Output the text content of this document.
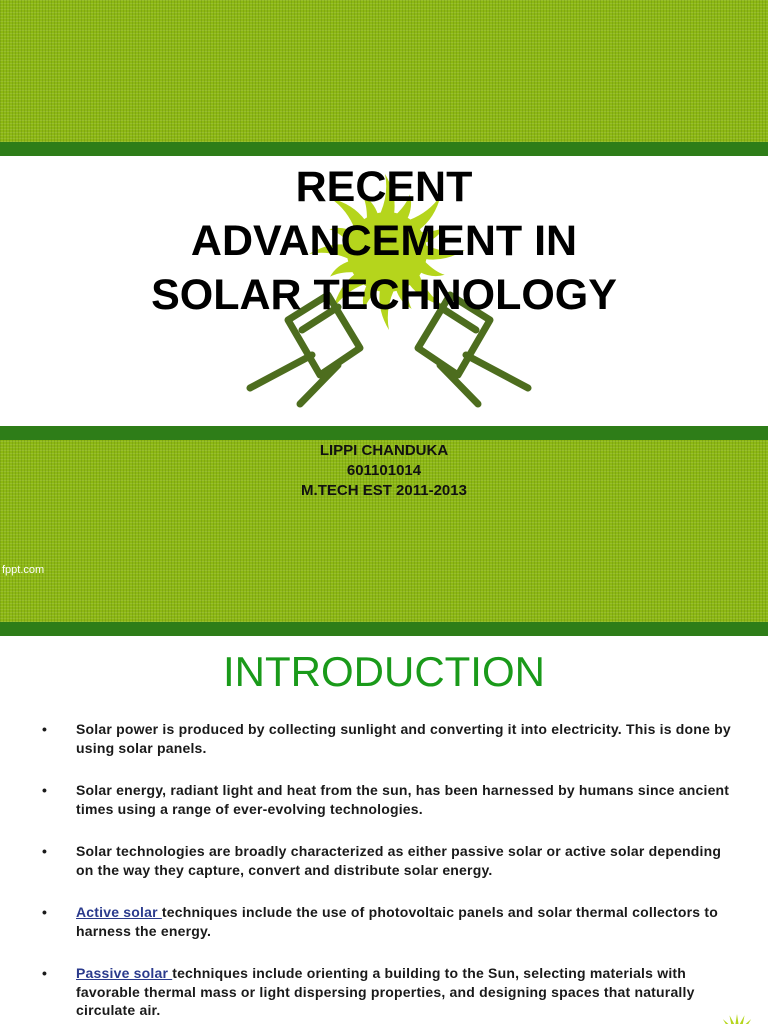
RECENT
ADVANCEMENT IN
SOLAR TECHNOLOGY
LIPPI CHANDUKA
601101014
M.TECH EST 2011-2013
fppt.com
INTRODUCTION
• Solar power is produced by collecting sunlight and converting it into electricity. This is done by using solar panels.
• Solar energy, radiant light and heat from the sun, has been harnessed by humans since ancient times using a range of ever-evolving technologies.
• Solar technologies are broadly characterized as either passive solar or active solar depending on the way they capture, convert and distribute solar energy.
• Active solar techniques include the use of photovoltaic panels and solar thermal collectors to harness the energy.
• Passive solar techniques include orienting a building to the Sun, selecting materials with favorable thermal mass or light dispersing properties, and designing spaces that naturally circulate air.
